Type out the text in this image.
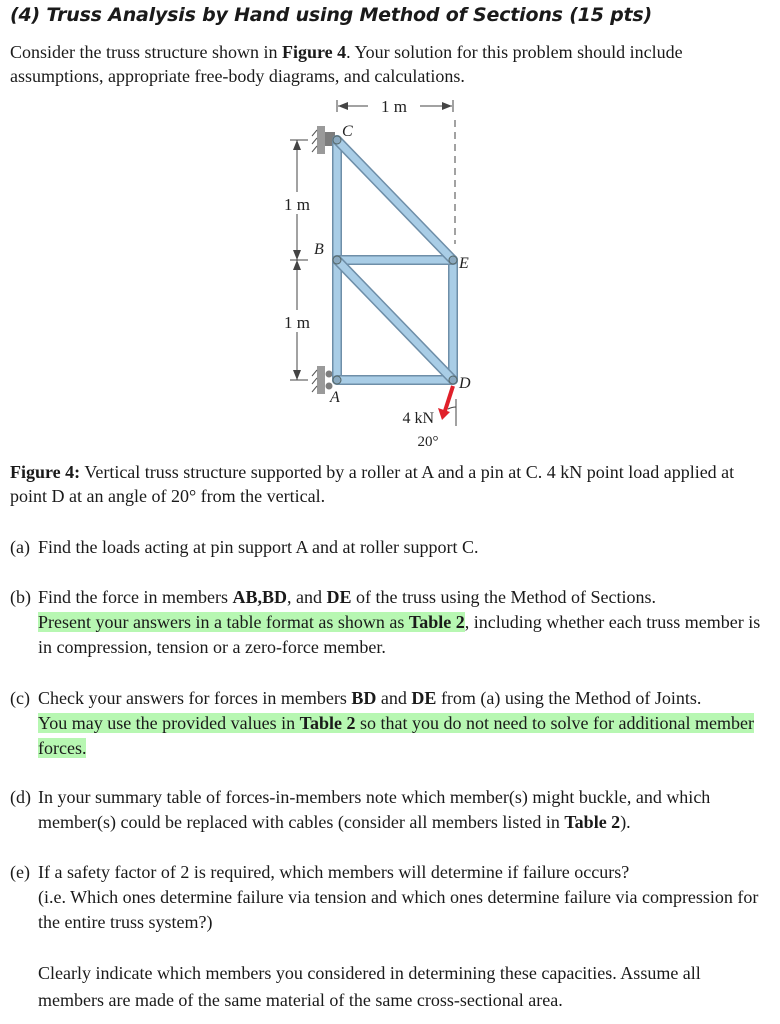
(4) Truss Analysis by Hand using Method of Sections (15 pts)

Consider the truss structure shown in Figure 4. Your solution for this problem should include assumptions, appropriate free-body diagrams, and calculations.

1 m
1 m
1 m
C
B
E
D
A
4 kN
20°

Figure 4: Vertical truss structure supported by a roller at A and a pin at C. 4 kN point load applied at point D at an angle of 20° from the vertical.

(a) Find the loads acting at pin support A and at roller support C.
(b) Find the force in members AB,BD, and DE of the truss using the Method of Sections.
Present your answers in a table format as shown as Table 2, including whether each truss member is in compression, tension or a zero-force member.
(c) Check your answers for forces in members BD and DE from (a) using the Method of Joints.
You may use the provided values in Table 2 so that you do not need to solve for additional member forces.
(d) In your summary table of forces-in-members note which member(s) might buckle, and which member(s) could be replaced with cables (consider all members listed in Table 2).
(e) If a safety factor of 2 is required, which members will determine if failure occurs?
(i.e. Which ones determine failure via tension and which ones determine failure via compression for the entire truss system?)

Clearly indicate which members you considered in determining these capacities. Assume all members are made of the same material of the same cross-sectional area.
